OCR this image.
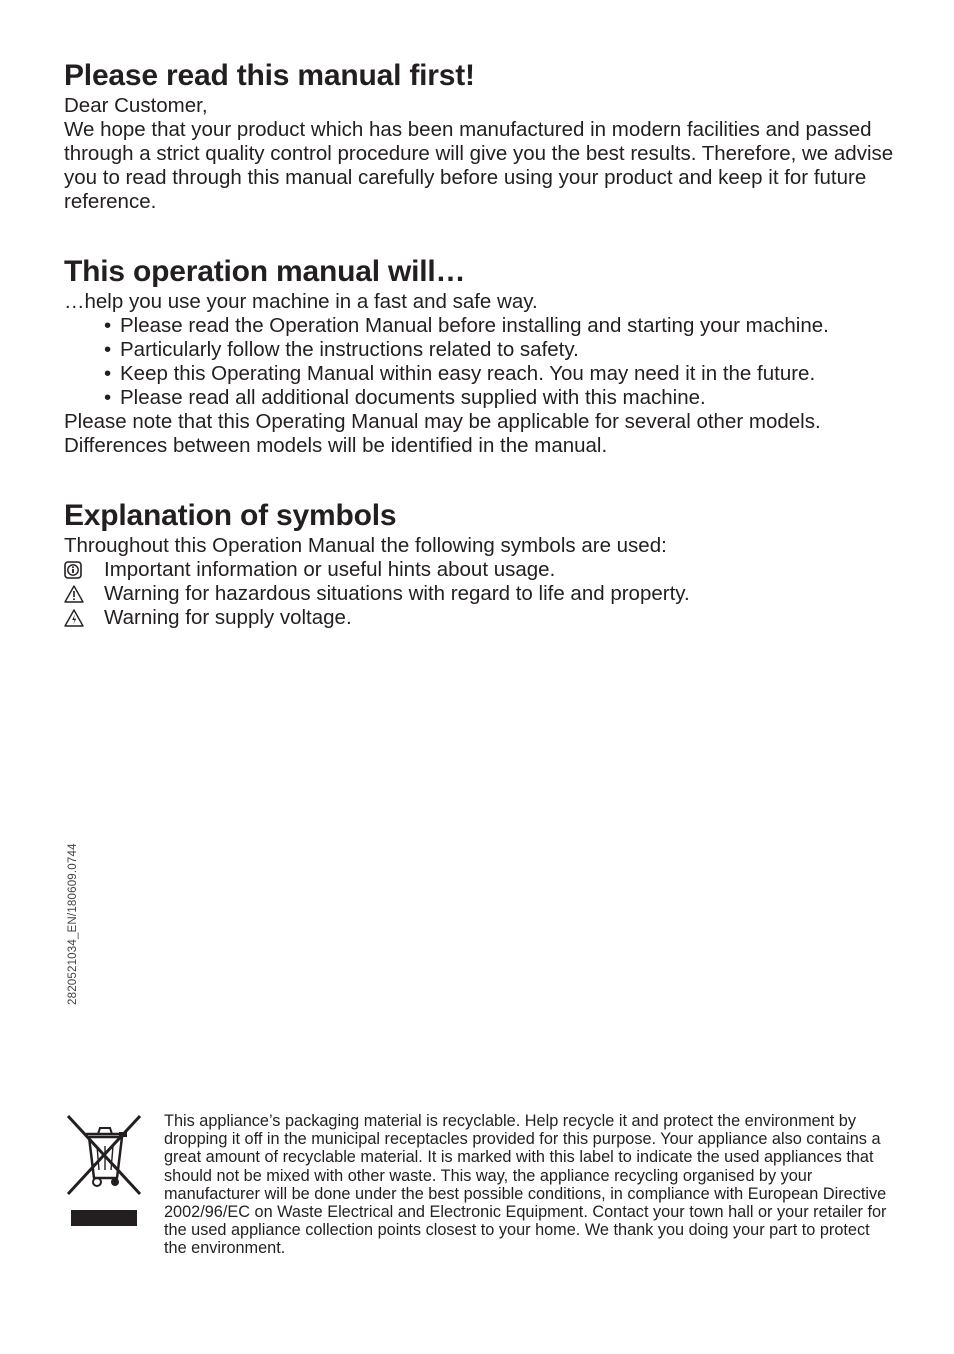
Please read this manual first!

Dear Customer,

We hope that your product which has been manufactured in modern facilities and passed through a strict quality control procedure will give you the best results. Therefore, we advise you to read through this manual carefully before using your product and keep it for future reference.

This operation manual will…

…help you use your machine in a fast and safe way.

• Please read the Operation Manual before installing and starting your machine.
• Particularly follow the instructions related to safety.
• Keep this Operating Manual within easy reach. You may need it in the future.
• Please read all additional documents supplied with this machine.

Please note that this Operating Manual may be applicable for several other models. Differences between models will be identified in the manual.

Explanation of symbols

Throughout this Operation Manual the following symbols are used:

Important information or useful hints about usage.
Warning for hazardous situations with regard to life and property.
Warning for supply voltage.
2820521034_EN/180609.0744

This appliance’s packaging material is recyclable. Help recycle it and protect the environment by dropping it off in the municipal receptacles provided for this purpose. Your appliance also contains a great amount of recyclable material. It is marked with this label to indicate the used appliances that should not be mixed with other waste. This way, the appliance recycling organised by your manufacturer will be done under the best possible conditions, in compliance with European Directive 2002/96/EC on Waste Electrical and Electronic Equipment. Contact your town hall or your retailer for the used appliance collection points closest to your home. We thank you doing your part to protect the environment.
